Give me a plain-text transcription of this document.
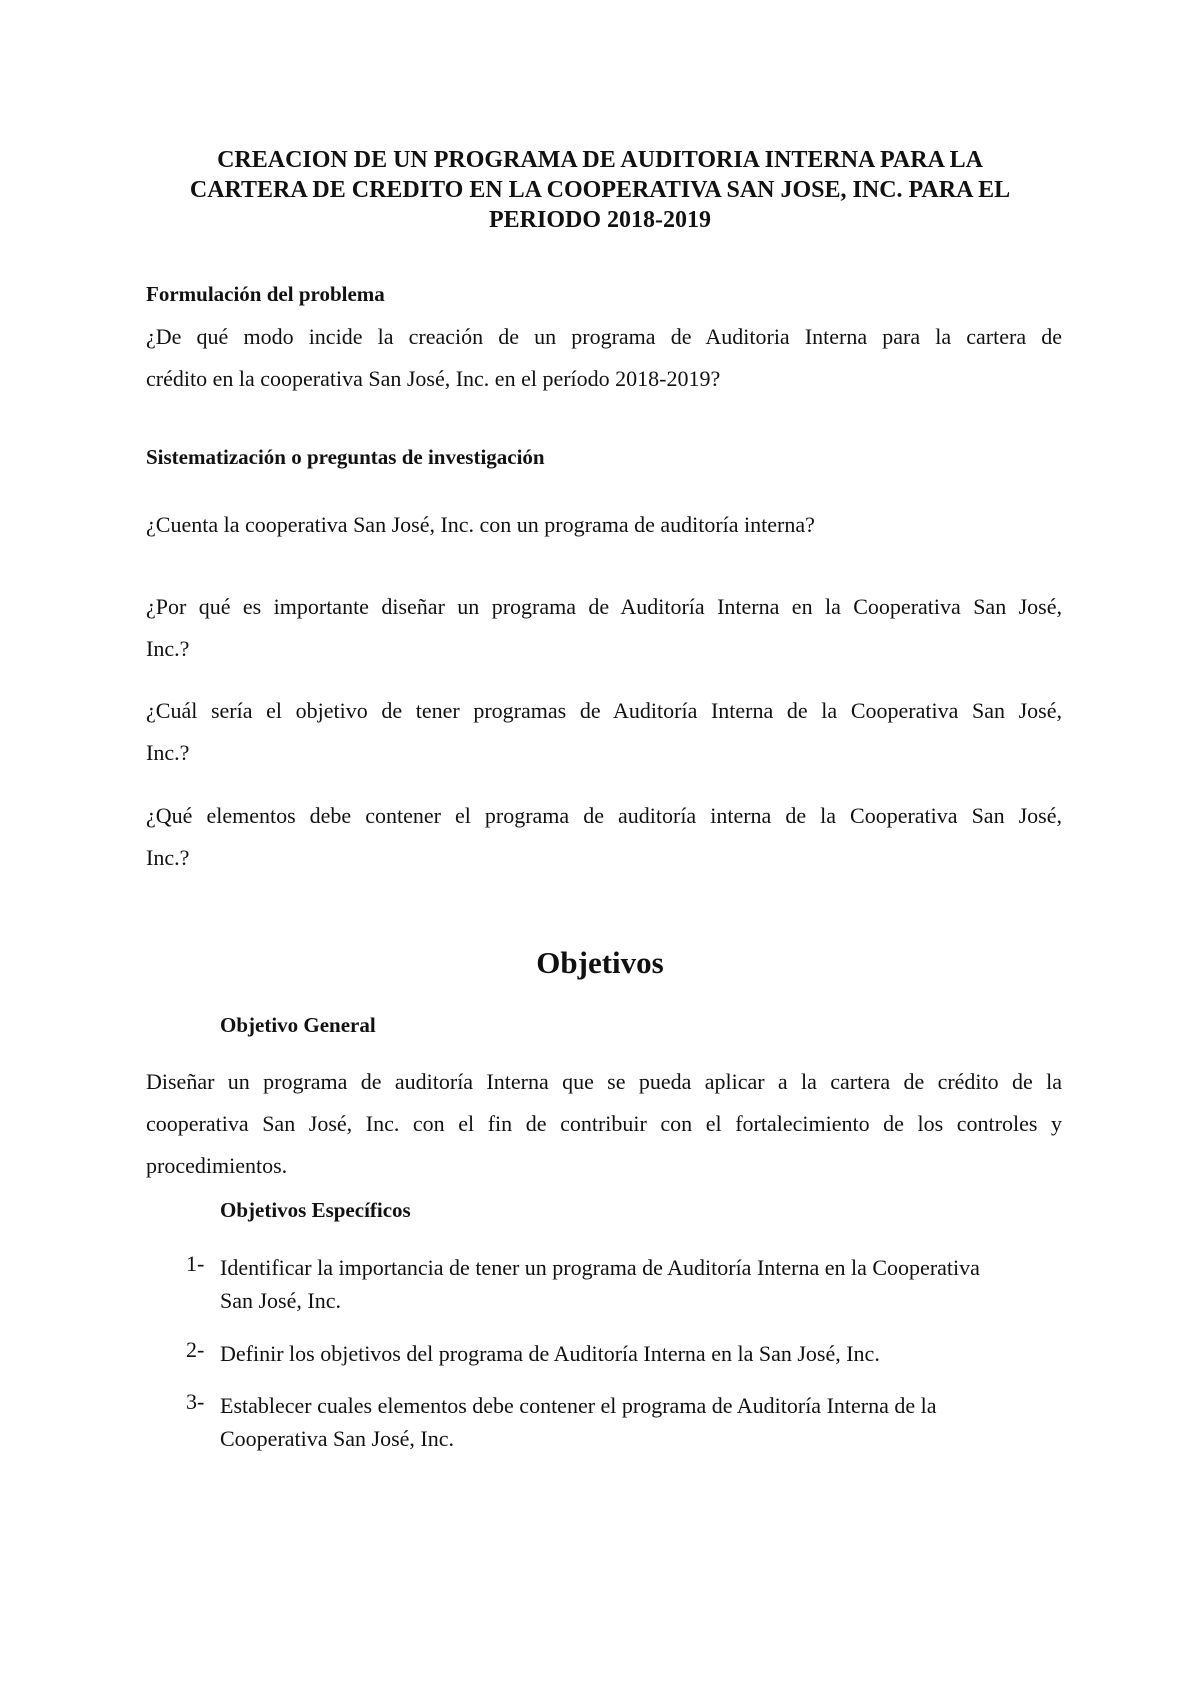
CREACION DE UN PROGRAMA DE AUDITORIA INTERNA PARA LA
CARTERA DE CREDITO EN LA COOPERATIVA SAN JOSE, INC. PARA EL
PERIODO 2018-2019
Formulación del problema
¿De qué modo incide la creación de un programa de Auditoria Interna para la cartera de
crédito en la cooperativa San José, Inc. en el período 2018-2019?
Sistematización o preguntas de investigación
¿Cuenta la cooperativa San José, Inc. con un programa de auditoría interna?
¿Por qué es importante diseñar un programa de Auditoría Interna en la Cooperativa San José,
Inc.?
¿Cuál sería el objetivo de tener programas de Auditoría Interna de la Cooperativa San José,
Inc.?
¿Qué elementos debe contener el programa de auditoría interna de la Cooperativa San José,
Inc.?
Objetivos
Objetivo General
Diseñar un programa de auditoría Interna que se pueda aplicar a la cartera de crédito de la
cooperativa San José, Inc. con el fin de contribuir con el fortalecimiento de los controles y
procedimientos.
Objetivos Específicos
1- Identificar la importancia de tener un programa de Auditoría Interna en la Cooperativa
San José, Inc.
2- Definir los objetivos del programa de Auditoría Interna en la San José, Inc.
3- Establecer cuales elementos debe contener el programa de Auditoría Interna de la
Cooperativa San José, Inc.
